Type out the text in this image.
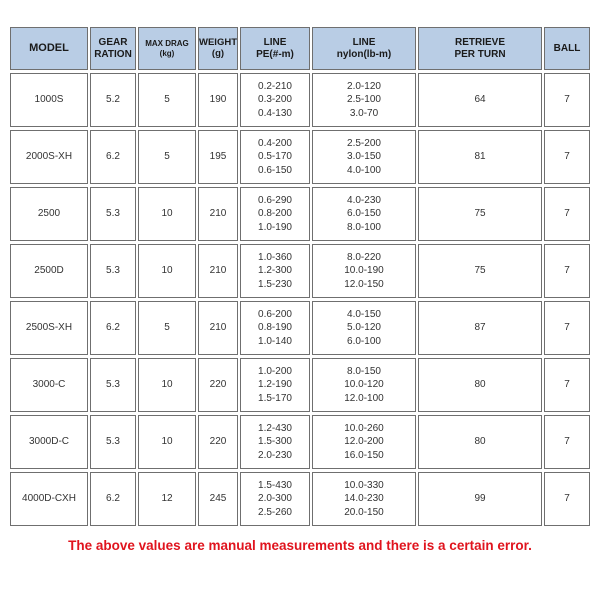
MODEL	GEAR
RATION	MAX DRAG
(kg)	WEIGHT
(g)	LINE
PE(#-m)	LINE
nylon(lb-m)	RETRIEVE
PER TURN	BALL

1000S	5.2	5	190	0.2-210
0.3-200
0.4-130	2.0-120
2.5-100
3.0-70	64	7
2000S-XH	6.2	5	195	0.4-200
0.5-170
0.6-150	2.5-200
3.0-150
4.0-100	81	7
2500	5.3	10	210	0.6-290
0.8-200
1.0-190	4.0-230
6.0-150
8.0-100	75	7
2500D	5.3	10	210	1.0-360
1.2-300
1.5-230	8.0-220
10.0-190
12.0-150	75	7
2500S-XH	6.2	5	210	0.6-200
0.8-190
1.0-140	4.0-150
5.0-120
6.0-100	87	7
3000-C	5.3	10	220	1.0-200
1.2-190
1.5-170	8.0-150
10.0-120
12.0-100	80	7
3000D-C	5.3	10	220	1.2-430
1.5-300
2.0-230	10.0-260
12.0-200
16.0-150	80	7
4000D-CXH	6.2	12	245	1.5-430
2.0-300
2.5-260	10.0-330
14.0-230
20.0-150	99	7
The above values are manual measurements and there is a certain error.
